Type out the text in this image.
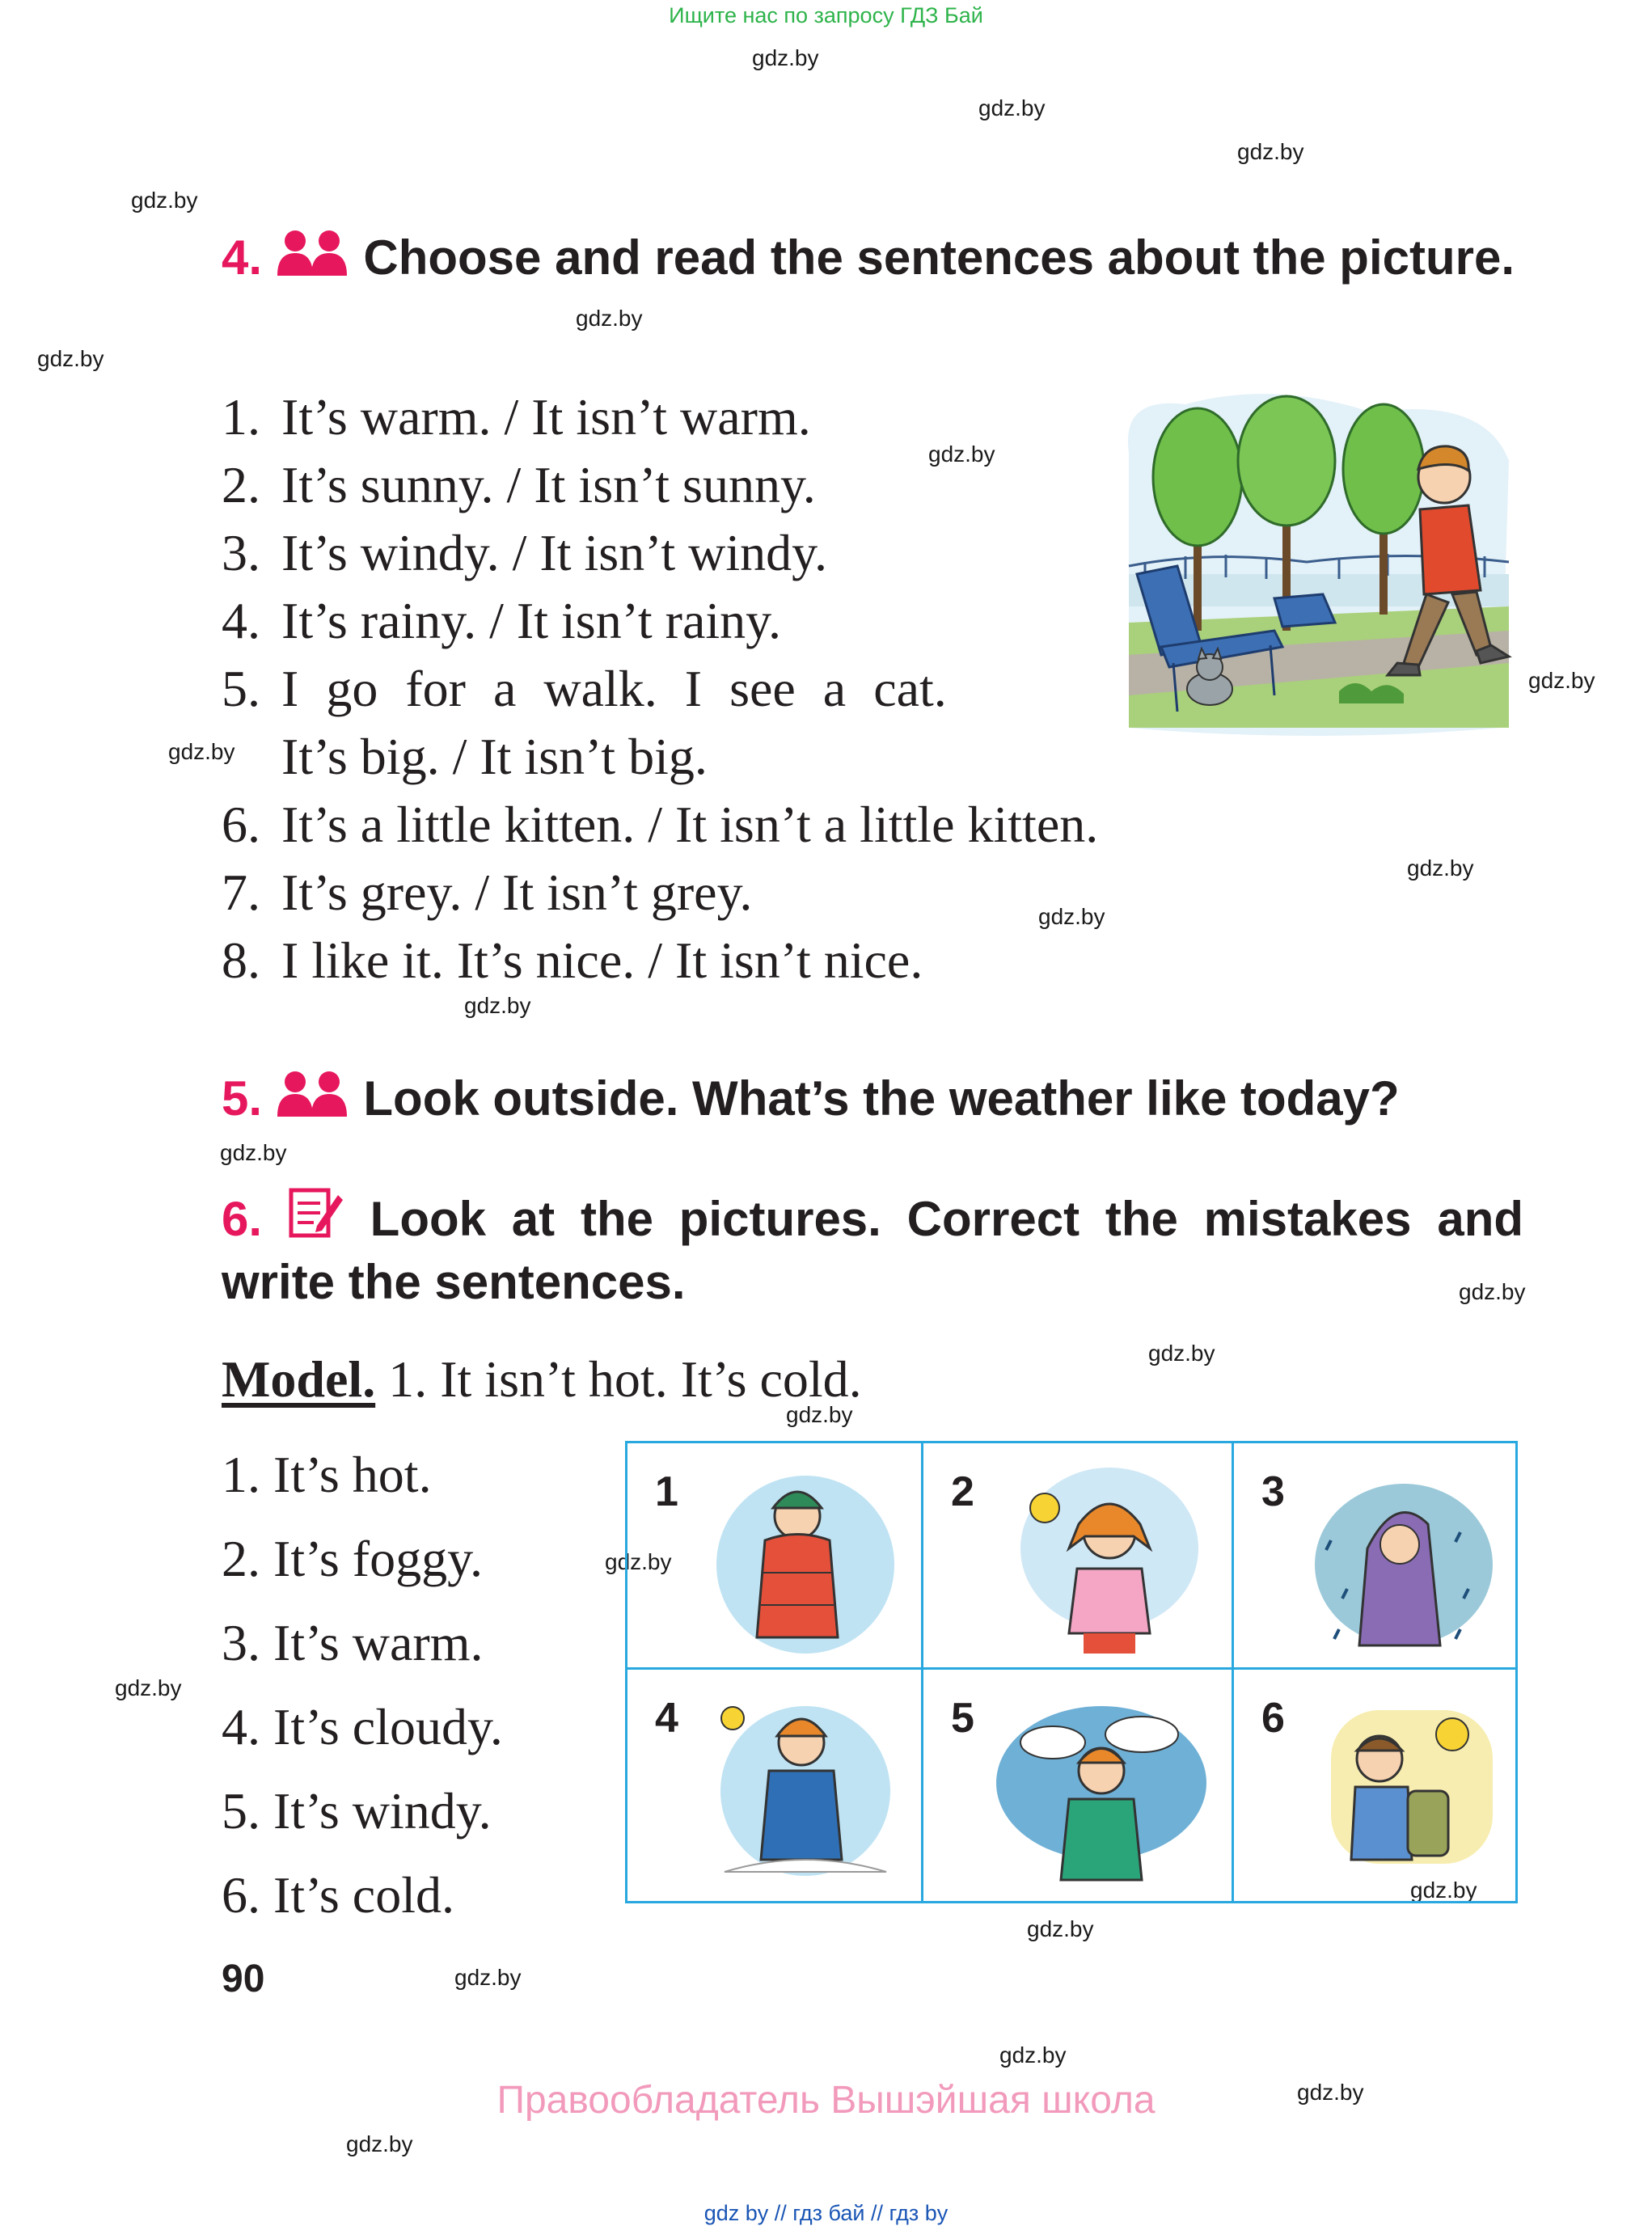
Ищите нас по запросу ГДЗ Бай
gdz.by
gdz.by
gdz.by
gdz.by
gdz.by
gdz.by
gdz.by
gdz.by
gdz.by
gdz.by
gdz.by
gdz.by
gdz.by
gdz.by
gdz.by
gdz.by
gdz.by
gdz.by
gdz.by
gdz.by
gdz.by
gdz.by
gdz.by
gdz.by
4. Choose and read the sentences about the picture.
1. It’s warm. / It isn’t warm.
2. It’s sunny. / It isn’t sunny.
3. It’s windy. / It isn’t windy.
4. It’s rainy. / It isn’t rainy.
5. I go for a walk. I see a cat.
It’s big. / It isn’t big.
6. It’s a little kitten. / It isn’t a little kitten.
7. It’s grey. / It isn’t grey.
8. I like it. It’s nice. / It isn’t nice.
5. Look outside. What’s the weather like today?
6. Look at the pictures. Correct the mistakes and write the sentences.
Model. 1. It isn’t hot. It’s cold.
1. It’s hot.
2. It’s foggy.
3. It’s warm.
4. It’s cloudy.
5. It’s windy.
6. It’s cold.
1	2	3
4	5	6
90
Правообладатель Вышэйшая школа
gdz by // гдз бай // гдз by
